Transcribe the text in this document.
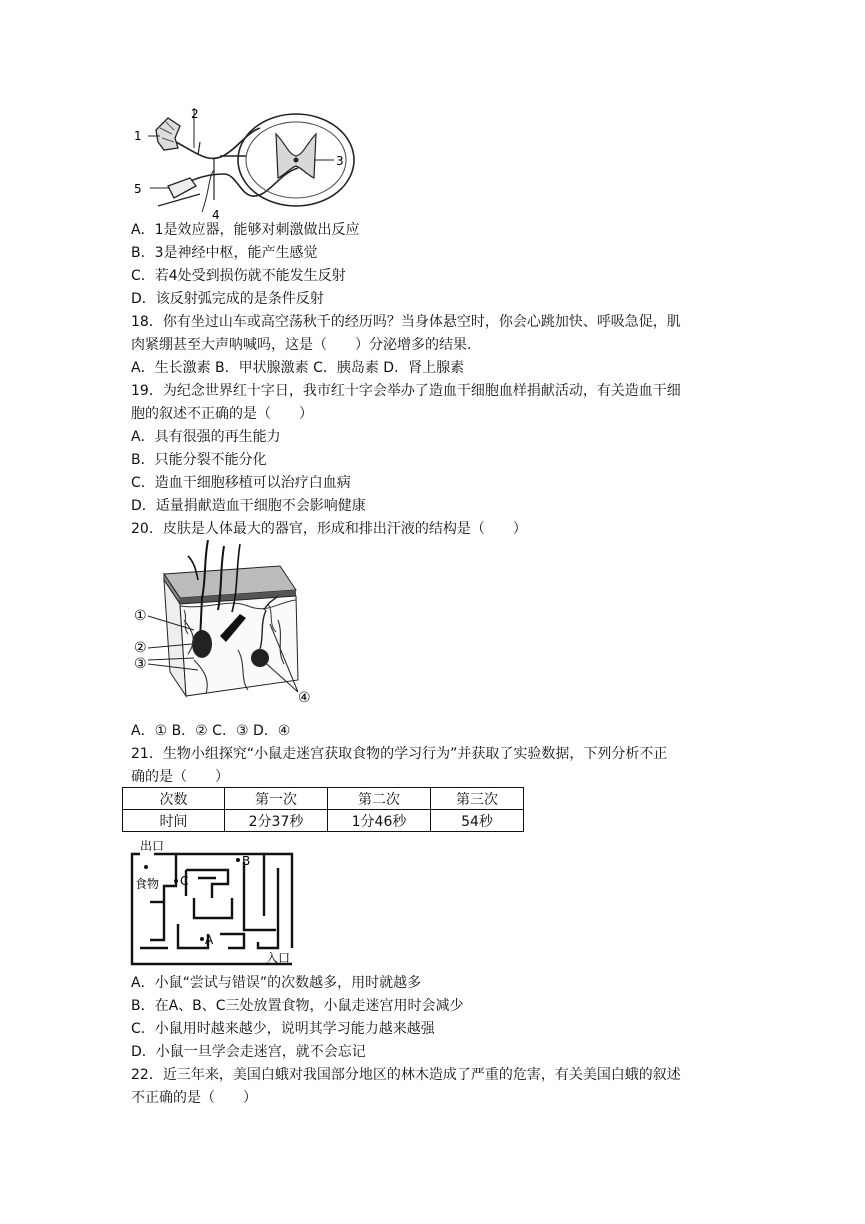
1
2
3
4
5
A．1是效应器，能够对刺激做出反应
B．3是神经中枢，能产生感觉
C．若4处受到损伤就不能发生反射
D．该反射弧完成的是条件反射
18．你有坐过山车或高空荡秋千的经历吗？当身体悬空时，你会心跳加快、呼吸急促，肌
肉紧绷甚至大声呐喊吗，这是（　　）分泌增多的结果.
A．生长激素 B．甲状腺激素 C．胰岛素 D．肾上腺素
19．为纪念世界红十字日，我市红十字会举办了造血干细胞血样捐献活动，有关造血干细
胞的叙述不正确的是（　　）
A．具有很强的再生能力
B．只能分裂不能分化
C．造血干细胞移植可以治疗白血病
D．适量捐献造血干细胞不会影响健康
20．皮肤是人体最大的器官，形成和排出汗液的结构是（　　）
①
②
③
④
A．① B．② C．③ D．④
21．生物小组探究“小鼠走迷宫获取食物的学习行为”并获取了实验数据，下列分析不正
确的是（　　）
次数	第一次	第二次	第三次
时间	2分37秒	1分46秒	54秒
出口
食物 C
B
A
入口
A．小鼠“尝试与错误”的次数越多，用时就越多
B．在A、B、C三处放置食物，小鼠走迷宫用时会减少
C．小鼠用时越来越少，说明其学习能力越来越强
D．小鼠一旦学会走迷宫，就不会忘记
22．近三年来，美国白蛾对我国部分地区的林木造成了严重的危害，有关美国白蛾的叙述
不正确的是（　　）
